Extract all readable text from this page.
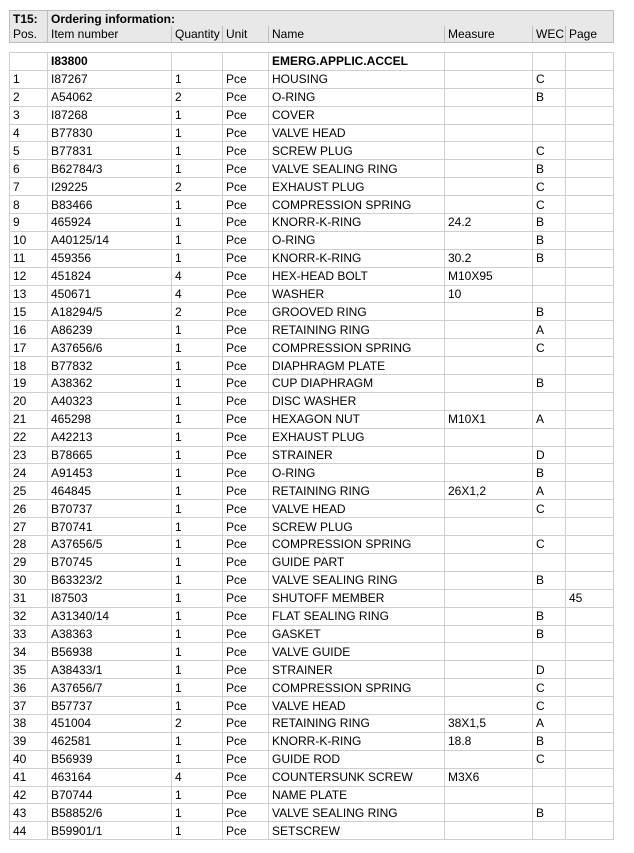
T15:	Ordering information:						
Pos.	Item number	Quantity	Unit	Name	Measure	WEC	Page

	I83800			EMERG.APPLIC.ACCEL			
1	I87267	1	Pce	HOUSING		C	
2	A54062	2	Pce	O-RING		B	
3	I87268	1	Pce	COVER			
4	B77830	1	Pce	VALVE HEAD			
5	B77831	1	Pce	SCREW PLUG		C	
6	B62784/3	1	Pce	VALVE SEALING RING		B	
7	I29225	2	Pce	EXHAUST PLUG		C	
8	B83466	1	Pce	COMPRESSION SPRING		C	
9	465924	1	Pce	KNORR-K-RING	24.2	B	
10	A40125/14	1	Pce	O-RING		B	
11	459356	1	Pce	KNORR-K-RING	30.2	B	
12	451824	4	Pce	HEX-HEAD BOLT	M10X95		
13	450671	4	Pce	WASHER	10		
15	A18294/5	2	Pce	GROOVED RING		B	
16	A86239	1	Pce	RETAINING RING		A	
17	A37656/6	1	Pce	COMPRESSION SPRING		C	
18	B77832	1	Pce	DIAPHRAGM PLATE			
19	A38362	1	Pce	CUP DIAPHRAGM		B	
20	A40323	1	Pce	DISC WASHER			
21	465298	1	Pce	HEXAGON NUT	M10X1	A	
22	A42213	1	Pce	EXHAUST PLUG			
23	B78665	1	Pce	STRAINER		D	
24	A91453	1	Pce	O-RING		B	
25	464845	1	Pce	RETAINING RING	26X1,2	A	
26	B70737	1	Pce	VALVE HEAD		C	
27	B70741	1	Pce	SCREW PLUG			
28	A37656/5	1	Pce	COMPRESSION SPRING		C	
29	B70745	1	Pce	GUIDE PART			
30	B63323/2	1	Pce	VALVE SEALING RING		B	
31	I87503	1	Pce	SHUTOFF MEMBER			45
32	A31340/14	1	Pce	FLAT SEALING RING		B	
33	A38363	1	Pce	GASKET		B	
34	B56938	1	Pce	VALVE GUIDE			
35	A38433/1	1	Pce	STRAINER		D	
36	A37656/7	1	Pce	COMPRESSION SPRING		C	
37	B57737	1	Pce	VALVE HEAD		C	
38	451004	2	Pce	RETAINING RING	38X1,5	A	
39	462581	1	Pce	KNORR-K-RING	18.8	B	
40	B56939	1	Pce	GUIDE ROD		C	
41	463164	4	Pce	COUNTERSUNK SCREW	M3X6		
42	B70744	1	Pce	NAME PLATE			
43	B58852/6	1	Pce	VALVE SEALING RING		B	
44	B59901/1	1	Pce	SETSCREW			
